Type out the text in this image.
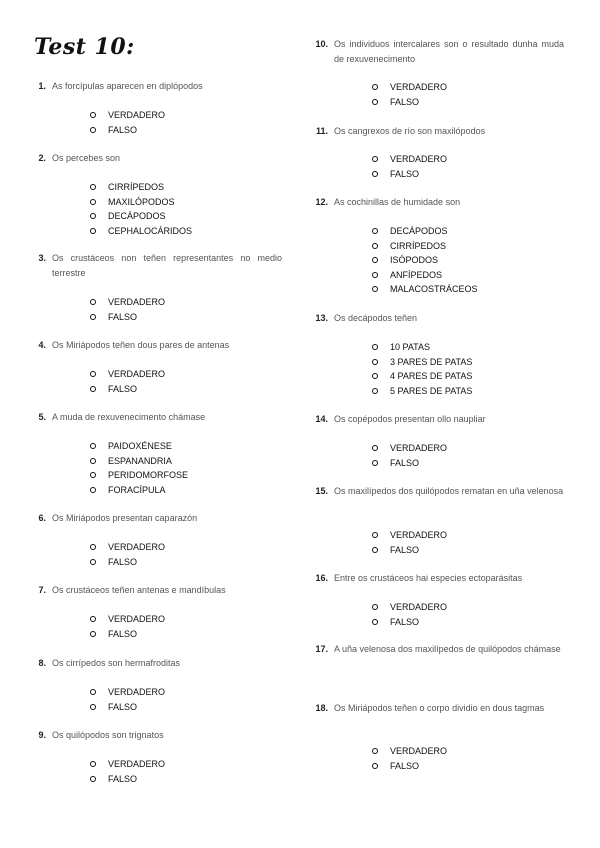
Test 10:
1. As forcípulas aparecen en diplópodos
VERDADERO
FALSO
2. Os percebes son
CIRRÍPEDOS
MAXILÓPODOS
DECÁPODOS
CEPHALOCÁRIDOS
3. Os crustáceos non teñen representantes no medio terrestre
VERDADERO
FALSO
4. Os Miriápodos teñen dous pares de antenas
VERDADERO
FALSO
5. A muda de rexuvenecimento chámase
PAIDOXÉNESE
ESPANANDRIA
PERIDOMORFOSE
FORACÍPULA
6. Os Miriápodos presentan caparazón
VERDADERO
FALSO
7. Os crustáceos teñen antenas e mandíbulas
VERDADERO
FALSO
8. Os cirrípedos son hermafroditas
VERDADERO
FALSO
9. Os quilópodos son trignatos
VERDADERO
FALSO
10. Os individuos intercalares son o resultado dunha muda de rexuvenecimento
VERDADERO
FALSO
11. Os cangrexos de río son maxilópodos
VERDADERO
FALSO
12. As cochinillas de humidade son
DECÁPODOS
CIRRÍPEDOS
ISÓPODOS
ANFÍPEDOS
MALACOSTRÁCEOS
13. Os decápodos teñen
10 PATAS
3 PARES DE PATAS
4 PARES DE PATAS
5 PARES DE PATAS
14. Os copépodos presentan ollo naupliar
VERDADERO
FALSO
15. Os maxilípedos dos quilópodos rematan en uña velenosa
VERDADERO
FALSO
16. Entre os crustáceos hai especies ectoparásitas
VERDADERO
FALSO
17. A uña velenosa dos maxilípedos de quilópodos chámase
18. Os Miriápodos teñen o corpo dividio en dous tagmas
VERDADERO
FALSO
